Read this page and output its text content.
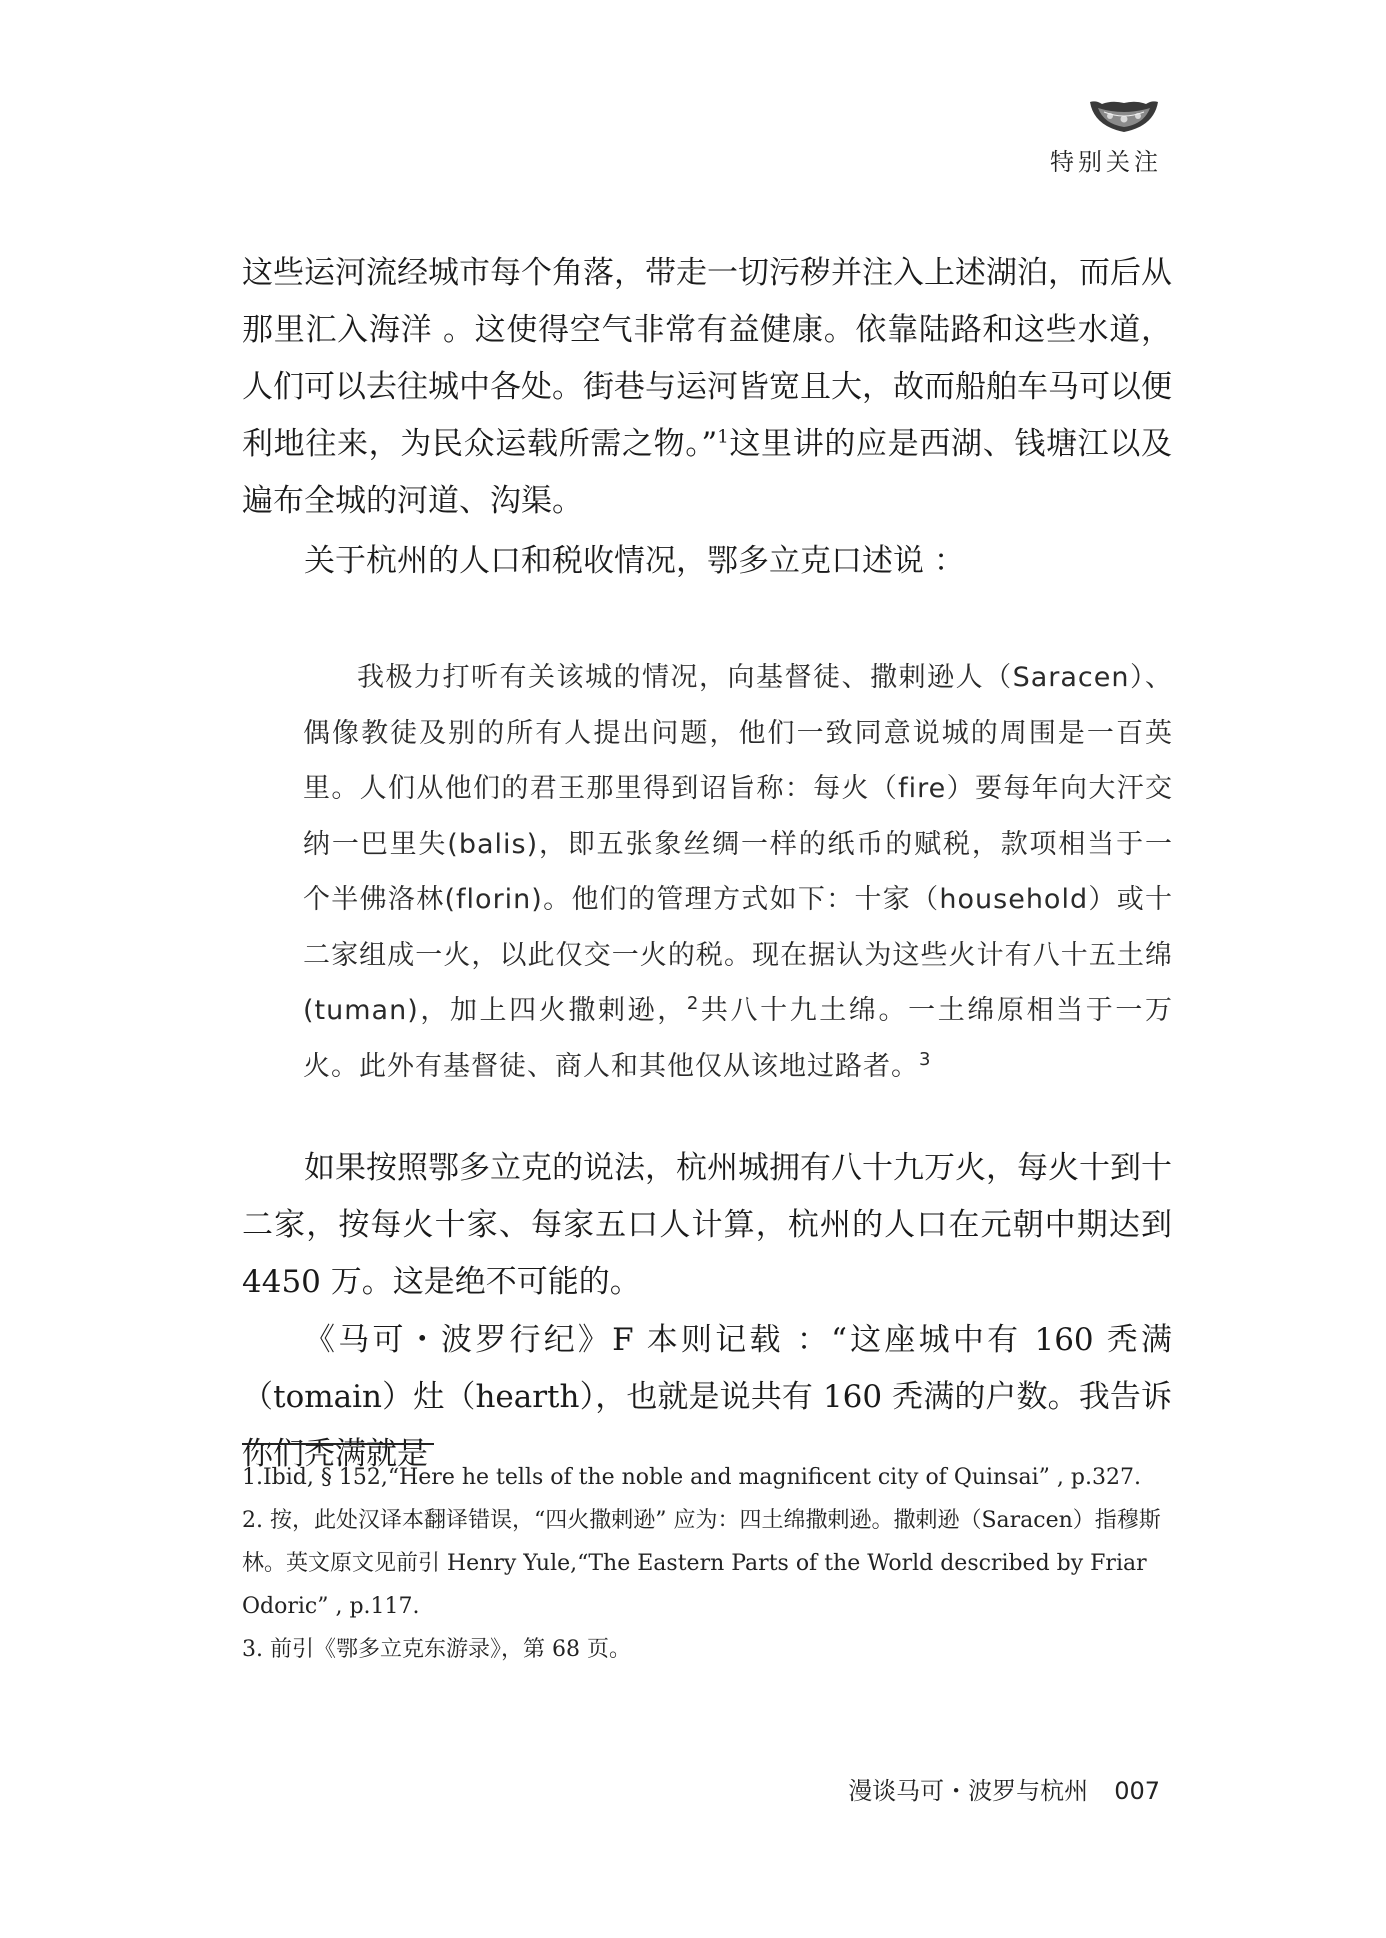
特别关注

这些运河流经城市每个角落，带走一切污秽并注入上述湖泊，而后从那里汇入海洋 。这使得空气非常有益健康。依靠陆路和这些水道，人们可以去往城中各处。街巷与运河皆宽且大，故而船舶车马可以便利地往来，为民众运载所需之物。”$^1$这里讲的应是西湖、钱塘江以及遍布全城的河道、沟渠。

关于杭州的人口和税收情况，鄂多立克口述说 ：

我极力打听有关该城的情况，向基督徒、撒剌逊人（Saracen）、偶像教徒及别的所有人提出问题，他们一致同意说城的周围是一百英里。人们从他们的君王那里得到诏旨称：每火（fire）要每年向大汗交纳一巴里失(balis)，即五张象丝绸一样的纸币的赋税，款项相当于一个半佛洛林(florin)。他们的管理方式如下：十家（household）或十二家组成一火，以此仅交一火的税。现在据认为这些火计有八十五土绵(tuman)，加上四火撒剌逊，$^2$共八十九土绵。一土绵原相当于一万火。此外有基督徒、商人和其他仅从该地过路者。$^3$

如果按照鄂多立克的说法，杭州城拥有八十九万火，每火十到十二家，按每火十家、每家五口人计算，杭州的人口在元朝中期达到 4450 万。这是绝不可能的。

《马可・波罗行纪》F 本则记载 ：“这座城中有 160 秃满（tomain）灶（hearth），也就是说共有 160 秃满的户数。我告诉你们秃满就是

1.Ibid, § 152,“Here he tells of the noble and magnificent city of Quinsai” , p.327.

2. 按，此处汉译本翻译错误，“四火撒剌逊” 应为：四土绵撒剌逊。撒剌逊（Saracen）指穆斯林。英文原文见前引 Henry Yule,“The Eastern Parts of the World described by Friar Odoric” , p.117.

3. 前引《鄂多立克东游录》，第 68 页。

漫谈马可・波罗与杭州 007
